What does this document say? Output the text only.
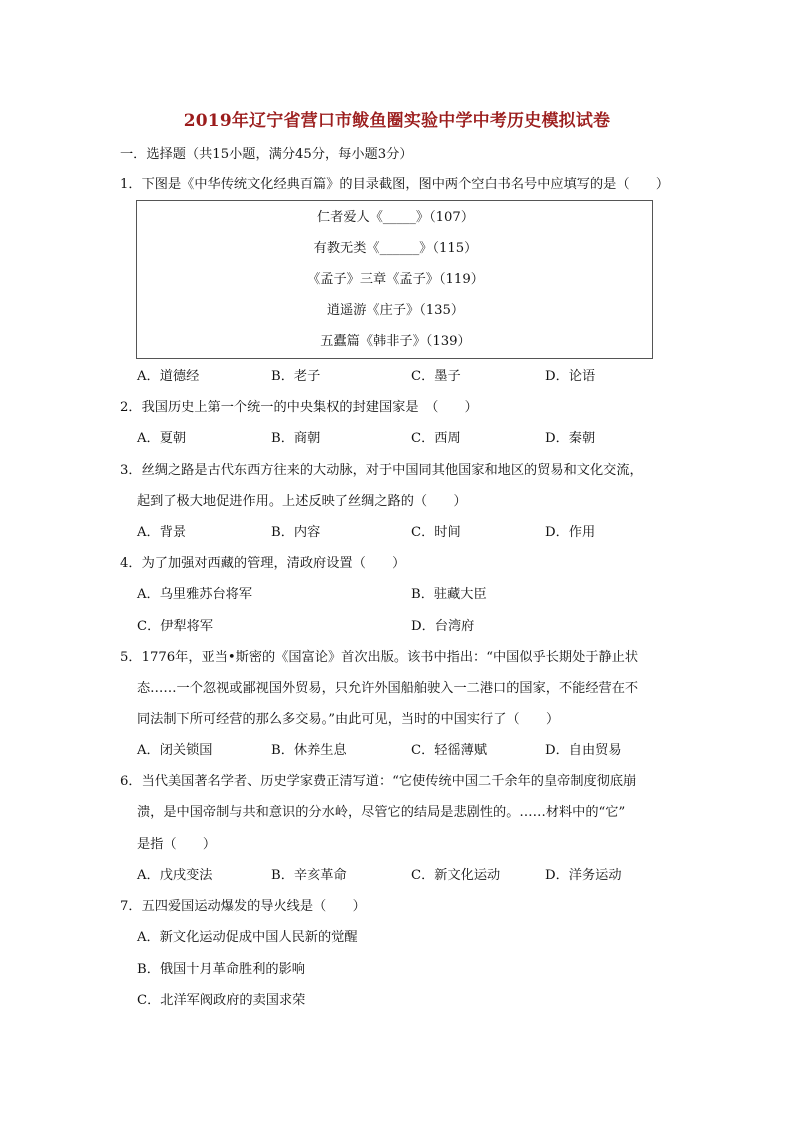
2019年辽宁省营口市鲅鱼圈实验中学中考历史模拟试卷
一．选择题（共15小题，满分45分，每小题3分）
1．下图是《中华传统文化经典百篇》的目录截图，图中两个空白书名号中应填写的是（　　）
仁者爱人《_____》（107）
有教无类《______》（115）
《孟子》三章《孟子》（119）
逍遥游《庄子》（135）
五蠹篇《韩非子》（139）
A．道德经	B．老子	C．墨子	D．论语
2．我国历史上第一个统一的中央集权的封建国家是　（　　）
A．夏朝	B．商朝	C．西周	D．秦朝
3．丝绸之路是古代东西方往来的大动脉，对于中国同其他国家和地区的贸易和文化交流，
起到了极大地促进作用。上述反映了丝绸之路的（　　）
A．背景	B．内容	C．时间	D．作用
4．为了加强对西藏的管理，清政府设置（　　）
A．乌里雅苏台将军	B．驻藏大臣
C．伊犁将军	D．台湾府
5．1776年，亚当•斯密的《国富论》首次出版。该书中指出：“中国似乎长期处于静止状
态……一个忽视或鄙视国外贸易，只允许外国船舶驶入一二港口的国家，不能经营在不
同法制下所可经营的那么多交易。”由此可见，当时的中国实行了（　　）
A．闭关锁国	B．休养生息	C．轻徭薄赋	D．自由贸易
6．当代美国著名学者、历史学家费正清写道：“它使传统中国二千余年的皇帝制度彻底崩
溃，是中国帝制与共和意识的分水岭，尽管它的结局是悲剧性的。……材料中的“它”
是指（　　）
A．戊戌变法	B．辛亥革命	C．新文化运动	D．洋务运动
7．五四爱国运动爆发的导火线是（　　）
A．新文化运动促成中国人民新的觉醒
B．俄国十月革命胜利的影响
C．北洋军阀政府的卖国求荣
